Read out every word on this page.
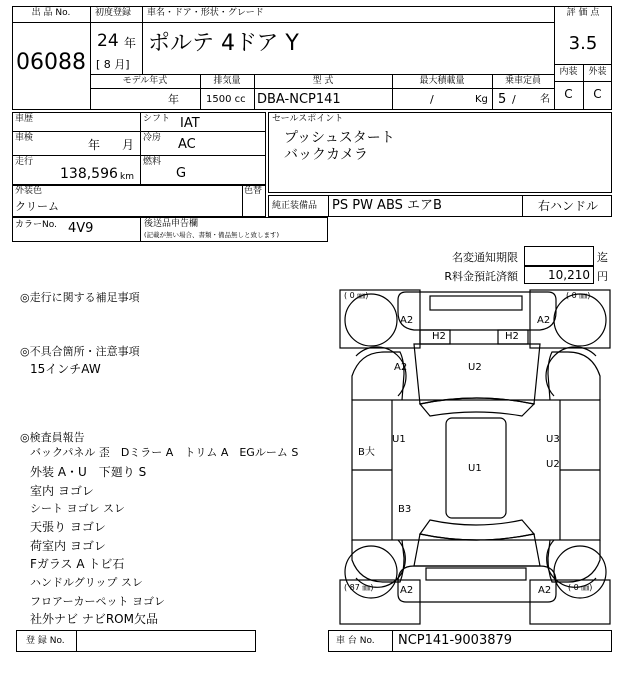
出 品 No.
06088
初度登録
24 年
[ 8 月]
車名・ドア・形状・グレード
ポルテ 4ドア Y
評 価 点
3.5
内装	外装
C	C
モデル年式	排気量	型 式	最大積載量	乗車定員
年	1500 cc DBA-NCP141	/	Kg 5 / 名
車歴	シフト IAT
車検	年 月 冷房 AC
走行
138,596 km
燃料
G
セールスポイント
プッシュスタート
バックカメラ
外装色
クリーム
色替
純正装備品 PS PW ABS エアB	右ハンドル
カラーNo. 4V9	後送品申告欄
(記載が無い場合、書類・備品無しと致します)
名変通知期限	迄
R料金預託済額	10,210 円
◎走行に関する補足事項
◎不具合箇所・注意事項
15インチAW
◎検査員報告
バックパネル 歪　Dミラー A　トリム A　EGルーム S
外装 A・U　下廻り S
室内 ヨゴレ
シート ヨゴレ スレ
天張り ヨゴレ
荷室内 ヨゴレ
Fガラス A トビ石
ハンドルグリップ スレ
フロアーカーペット ヨゴレ
社外ナビ ナビROM欠品
( 0 ㎜)	( 0 ㎜)
( 87 ㎜)	( 0 ㎜)
A2	A2
H2	H2
A2	U2
B大
U1	U3
U1	U2
B3
A2	A2
登 録 No.	車 台 No. NCP141-9003879
